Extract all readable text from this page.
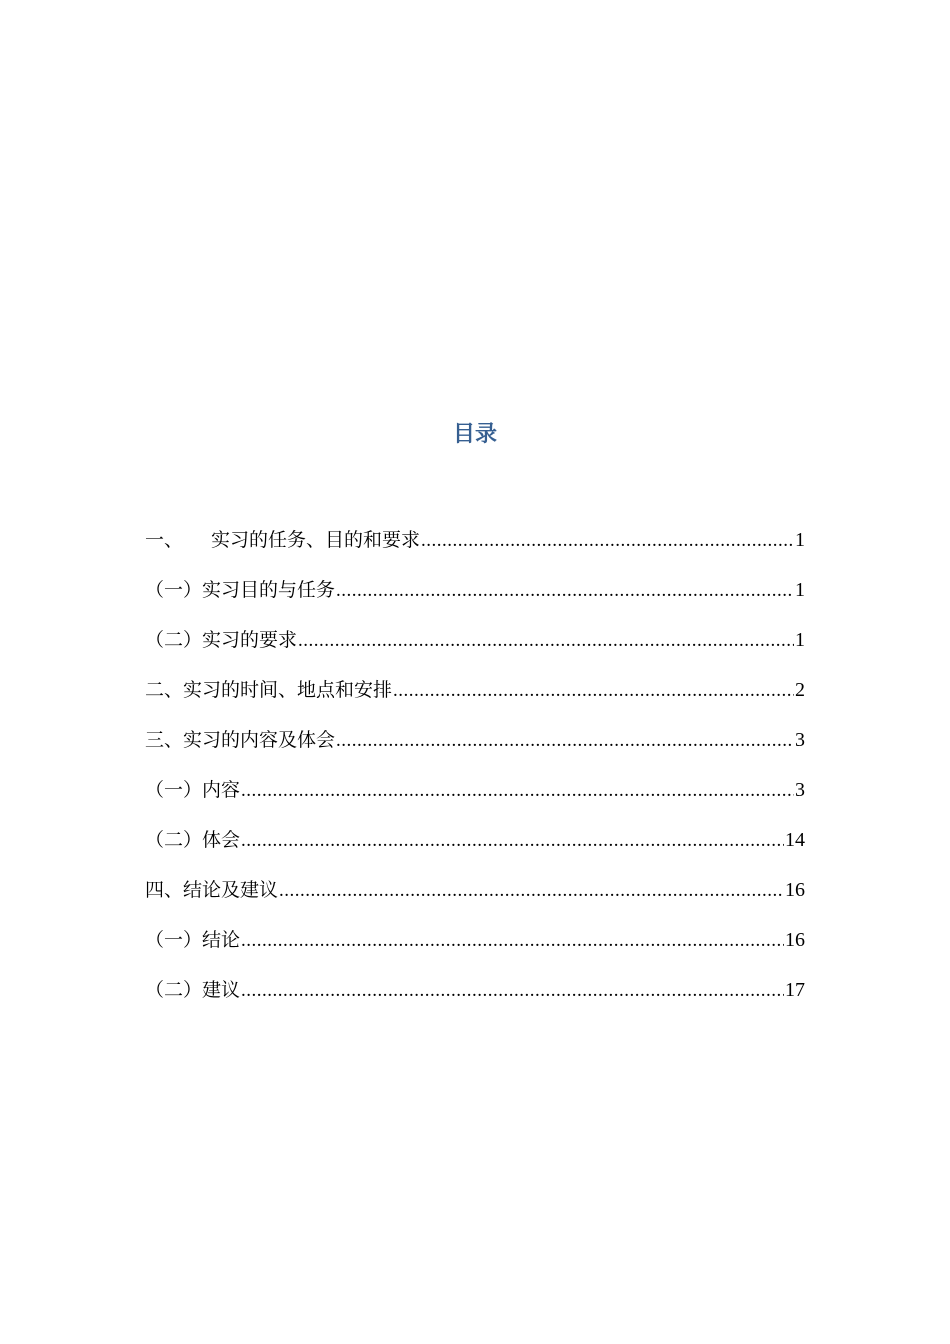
目录
一、 实习的任务、目的和要求 .....	1
（一）实习目的与任务 .....	1
（二）实习的要求 .....	1
二、实习的时间、地点和安排 .....	2
三、实习的内容及体会 .....	3
（一）内容 .....	3
（二）体会 .....	14
四、结论及建议 .....	16
（一）结论 .....	16
（二）建议 .....	17
